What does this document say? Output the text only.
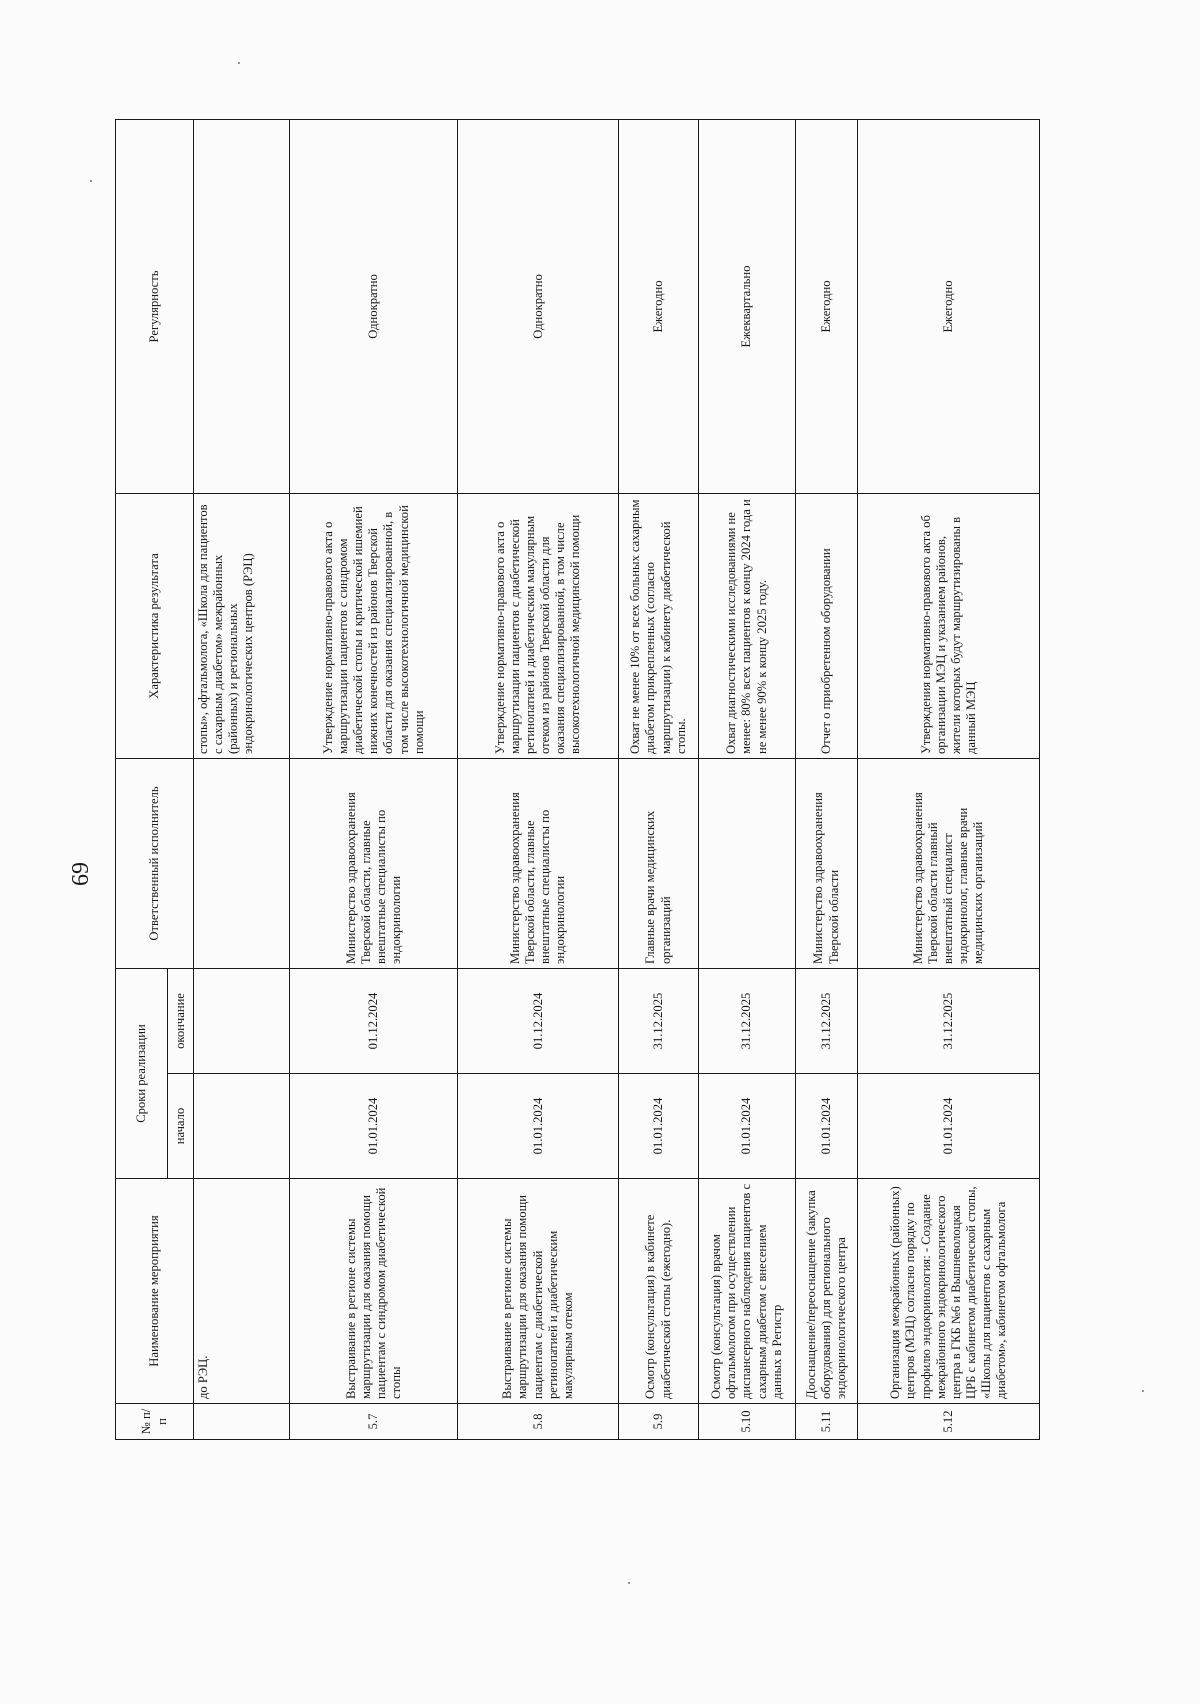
69
№ п/п	Наименование мероприятия	Сроки реализации		Ответственный исполнитель	Характеристика результата	Регулярность
		начало	окончание			
	до РЭЦ.				стопы», офтальмолога, «Школа для пациентов с сахарным диабетом» межрайонных (районных) и региональных эндокринологических центров (РЭЦ)	
5.7	Выстраивание в регионе системы маршрутизации для оказания помощи пациентам с синдромом диабетической стопы	01.01.2024	01.12.2024	Министерство здравоохранения Тверской области, главные внештатные специалисты по эндокринологии	Утверждение нормативно-правового акта о маршрутизации пациентов с синдромом диабетической стопы и критической ишемией нижних конечностей из районов Тверской области для оказания специализированной, в том числе высокотехнологичной медицинской помощи	Однократно
5.8	Выстраивание в регионе системы маршрутизации для оказания помощи пациентам с диабетической ретинопатией и диабетическим макулярным отеком	01.01.2024	01.12.2024	Министерство здравоохранения Тверской области, главные внештатные специалисты по эндокринологии	Утверждение нормативно-правового акта о маршрутизации пациентов с диабетической ретинопатией и диабетическим макулярным отеком из районов Тверской области для оказания специализированной, в том числе высокотехнологичной медицинской помощи	Однократно
5.9	Осмотр (консультация) в кабинете диабетической стопы (ежегодно).	01.01.2024	31.12.2025	Главные врачи медицинских организаций	Охват не менее 10% от всех больных сахарным диабетом прикрепленных (согласно маршрутизации) к кабинету диабетической стопы.	Ежегодно
5.10	Осмотр (консультация) врачом офтальмологом при осуществлении диспансерного наблюдения пациентов с сахарным диабетом с внесением данных в Регистр	01.01.2024	31.12.2025		Охват диагностическими исследованиями не менее: 80% всех пациентов к концу 2024 года и не менее 90% к концу 2025 году.	Ежеквартально
5.11	Дооснащение/переоснащение (закупка оборудования) для регионального эндокринологического центра	01.01.2024	31.12.2025	Министерство здравоохранения Тверской области	Отчет о приобретенном оборудовании	Ежегодно
5.12	Организация межрайонных (районных) центров (МЭЦ) согласно порядку по профилю эндокринология: - Создание межрайонного эндокринологического центра в ГКБ №6 и Вышневолоцкая ЦРБ с кабинетом диабетической стопы, «Школы для пациентов с сахарным диабетом», кабинетом офтальмолога	01.01.2024	31.12.2025	Министерство здравоохранения Тверской области главный внештатный специалист эндокринолог, главные врачи медицинских организаций	Утверждения нормативно-правового акта об организации МЭЦ и указанием районов, жители которых будут маршрутизированы в данный МЭЦ	Ежегодно
